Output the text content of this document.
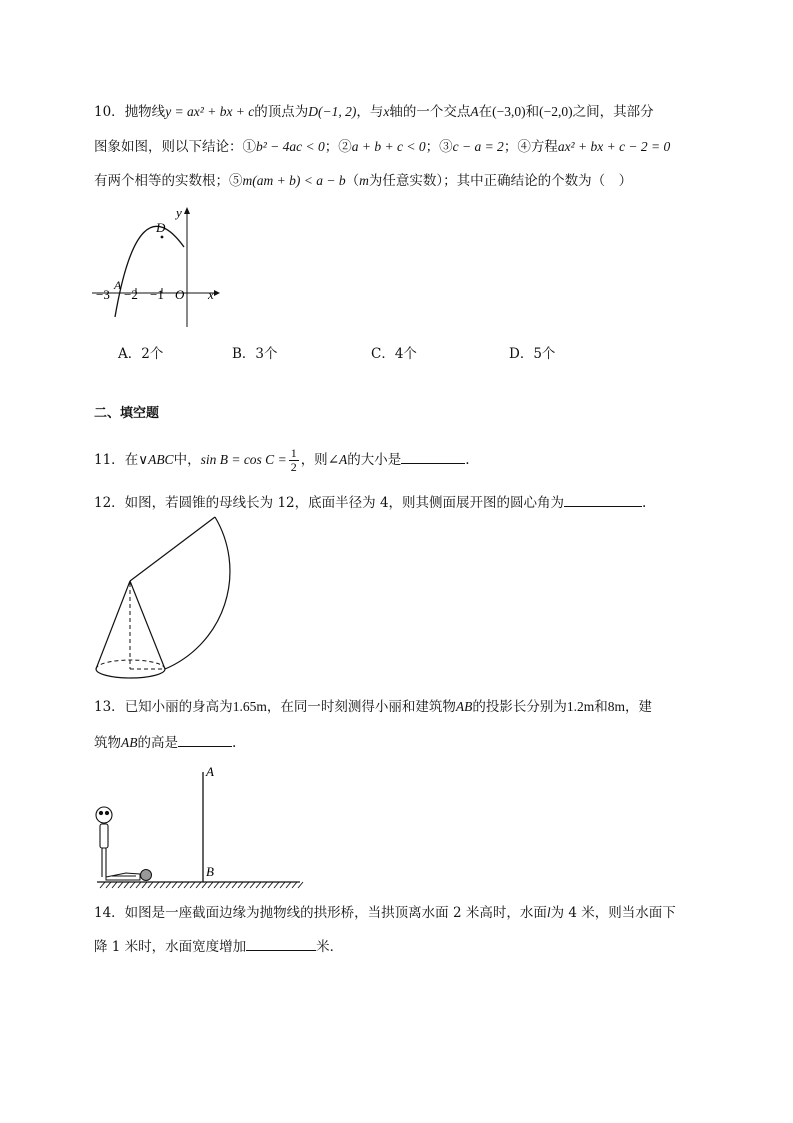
10．抛物线y = ax² + bx + c的顶点为D(−1, 2)，与x轴的一个交点A在(−3,0)和(−2,0)之间，其部分
图象如图，则以下结论：①b² − 4ac < 0；②a + b + c < 0；③c − a = 2；④方程ax² + bx + c − 2 = 0
有两个相等的实数根；⑤m(am + b) < a − b（m为任意实数）；其中正确结论的个数为（　）
y
x
D
A
O
−3 −2 −1
A．2个	B．3个	C．4个	D．5个
二、填空题
11．在∨ABC中，$\sin B = \cos C = \frac{1}{2}$ ，则∠A的大小是	.
12．如图，若圆锥的母线长为 12，底面半径为 4，则其侧面展开图的圆心角为	.
13．已知小丽的身高为1.65m，在同一时刻测得小丽和建筑物AB的投影长分别为1.2m和8m，建
筑物AB的高是	.
A
B
14．如图是一座截面边缘为抛物线的拱形桥，当拱顶离水面 2 米高时，水面l为 4 米，则当水面下
降 1 米时，水面宽度增加	米．
